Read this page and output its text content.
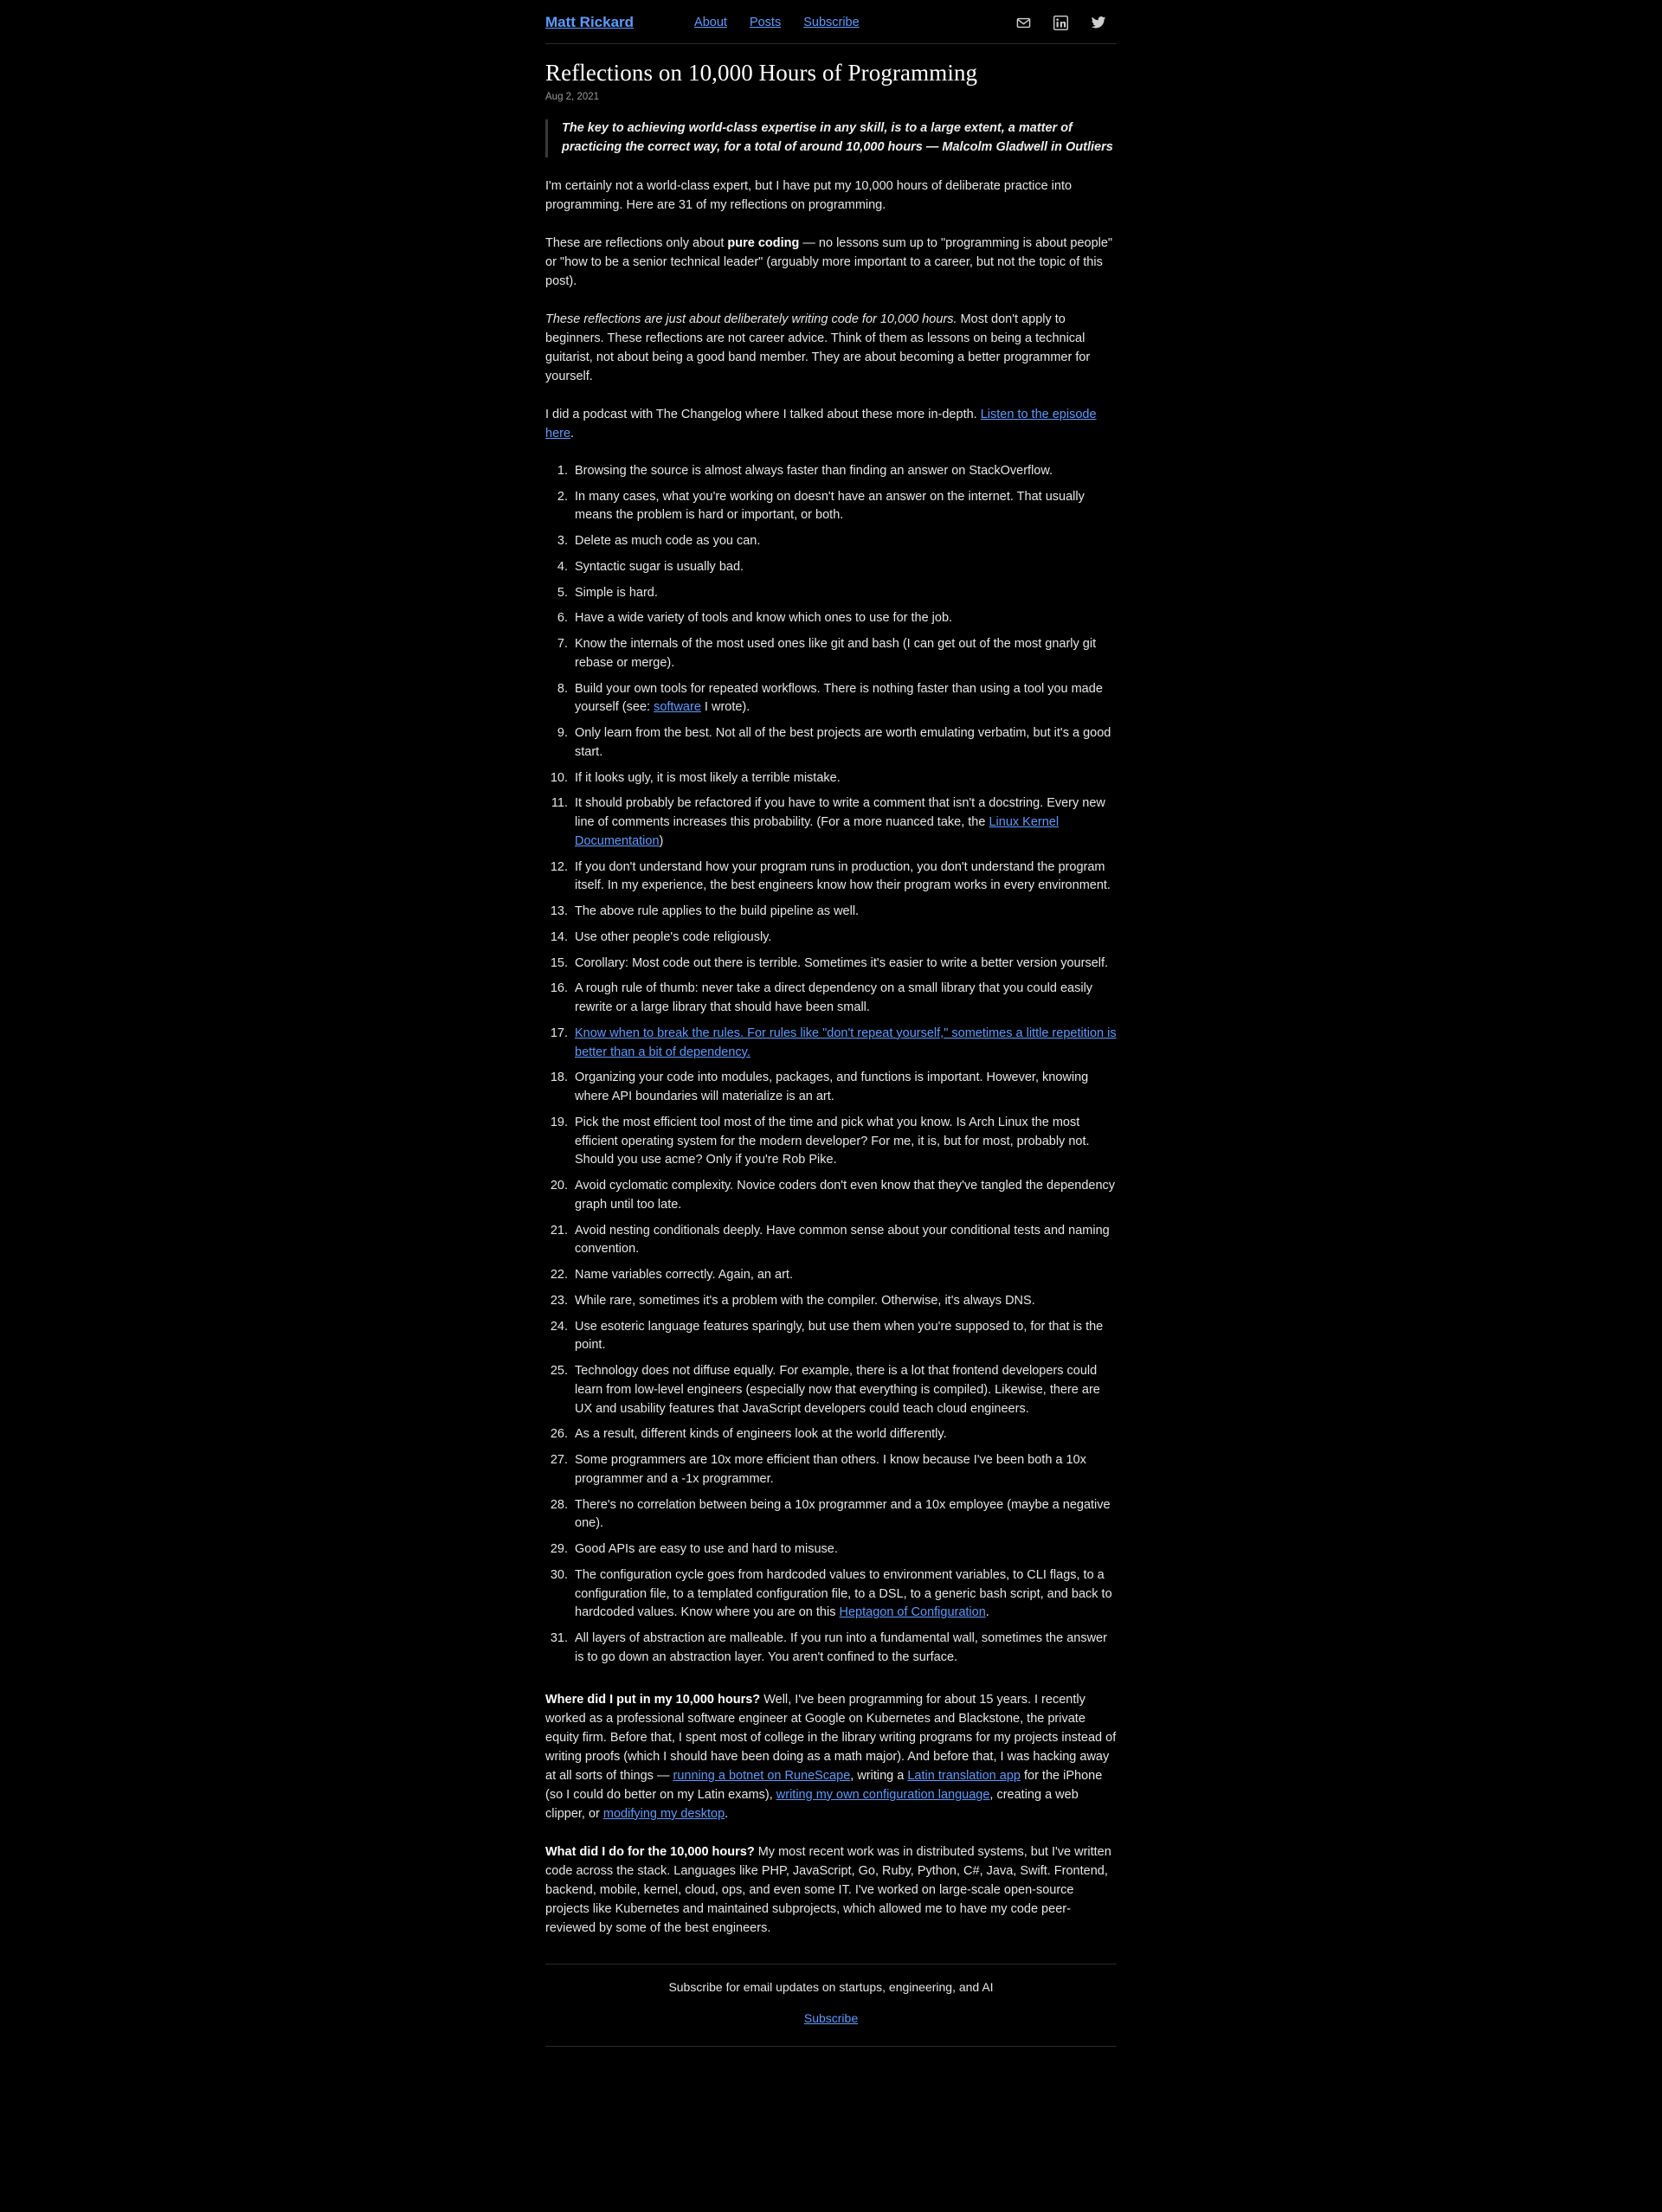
Matt Rickard	About Posts Subscribe
Reflections on 10,000 Hours of Programming
Aug 2, 2021
The key to achieving world-class expertise in any skill, is to a large extent, a matter of practicing the correct way, for a total of around 10,000 hours — Malcolm Gladwell in Outliers

I'm certainly not a world-class expert, but I have put my 10,000 hours of deliberate practice into programming. Here are 31 of my reflections on programming.

These are reflections only about pure coding — no lessons sum up to "programming is about people" or "how to be a senior technical leader" (arguably more important to a career, but not the topic of this post).

These reflections are just about deliberately writing code for 10,000 hours. Most don't apply to beginners. These reflections are not career advice. Think of them as lessons on being a technical guitarist, not about being a good band member. They are about becoming a better programmer for yourself.

I did a podcast with The Changelog where I talked about these more in-depth. Listen to the episode here.

1. Browsing the source is almost always faster than finding an answer on StackOverflow.
2. In many cases, what you're working on doesn't have an answer on the internet. That usually means the problem is hard or important, or both.
3. Delete as much code as you can.
4. Syntactic sugar is usually bad.
5. Simple is hard.
6. Have a wide variety of tools and know which ones to use for the job.
7. Know the internals of the most used ones like git and bash (I can get out of the most gnarly git rebase or merge).
8. Build your own tools for repeated workflows. There is nothing faster than using a tool you made yourself (see: software I wrote).
9. Only learn from the best. Not all of the best projects are worth emulating verbatim, but it's a good start.
10. If it looks ugly, it is most likely a terrible mistake.
11. It should probably be refactored if you have to write a comment that isn't a docstring. Every new line of comments increases this probability. (For a more nuanced take, the Linux Kernel Documentation)
12. If you don't understand how your program runs in production, you don't understand the program itself. In my experience, the best engineers know how their program works in every environment.
13. The above rule applies to the build pipeline as well.
14. Use other people's code religiously.
15. Corollary: Most code out there is terrible. Sometimes it's easier to write a better version yourself.
16. A rough rule of thumb: never take a direct dependency on a small library that you could easily rewrite or a large library that should have been small.
17. Know when to break the rules. For rules like "don't repeat yourself," sometimes a little repetition is better than a bit of dependency.
18. Organizing your code into modules, packages, and functions is important. However, knowing where API boundaries will materialize is an art.
19. Pick the most efficient tool most of the time and pick what you know. Is Arch Linux the most efficient operating system for the modern developer? For me, it is, but for most, probably not. Should you use acme? Only if you're Rob Pike.
20. Avoid cyclomatic complexity. Novice coders don't even know that they've tangled the dependency graph until too late.
21. Avoid nesting conditionals deeply. Have common sense about your conditional tests and naming convention.
22. Name variables correctly. Again, an art.
23. While rare, sometimes it's a problem with the compiler. Otherwise, it's always DNS.
24. Use esoteric language features sparingly, but use them when you're supposed to, for that is the point.
25. Technology does not diffuse equally. For example, there is a lot that frontend developers could learn from low-level engineers (especially now that everything is compiled). Likewise, there are UX and usability features that JavaScript developers could teach cloud engineers.
26. As a result, different kinds of engineers look at the world differently.
27. Some programmers are 10x more efficient than others. I know because I've been both a 10x programmer and a -1x programmer.
28. There's no correlation between being a 10x programmer and a 10x employee (maybe a negative one).
29. Good APIs are easy to use and hard to misuse.
30. The configuration cycle goes from hardcoded values to environment variables, to CLI flags, to a configuration file, to a templated configuration file, to a DSL, to a generic bash script, and back to hardcoded values. Know where you are on this Heptagon of Configuration.
31. All layers of abstraction are malleable. If you run into a fundamental wall, sometimes the answer is to go down an abstraction layer. You aren't confined to the surface.

Where did I put in my 10,000 hours? Well, I've been programming for about 15 years. I recently worked as a professional software engineer at Google on Kubernetes and Blackstone, the private equity firm. Before that, I spent most of college in the library writing programs for my projects instead of writing proofs (which I should have been doing as a math major). And before that, I was hacking away at all sorts of things — running a botnet on RuneScape, writing a Latin translation app for the iPhone (so I could do better on my Latin exams), writing my own configuration language, creating a web clipper, or modifying my desktop.

What did I do for the 10,000 hours? My most recent work was in distributed systems, but I've written code across the stack. Languages like PHP, JavaScript, Go, Ruby, Python, C#, Java, Swift. Frontend, backend, mobile, kernel, cloud, ops, and even some IT. I've worked on large-scale open-source projects like Kubernetes and maintained subprojects, which allowed me to have my code peer-reviewed by some of the best engineers.

Subscribe for email updates on startups, engineering, and AI
Subscribe
